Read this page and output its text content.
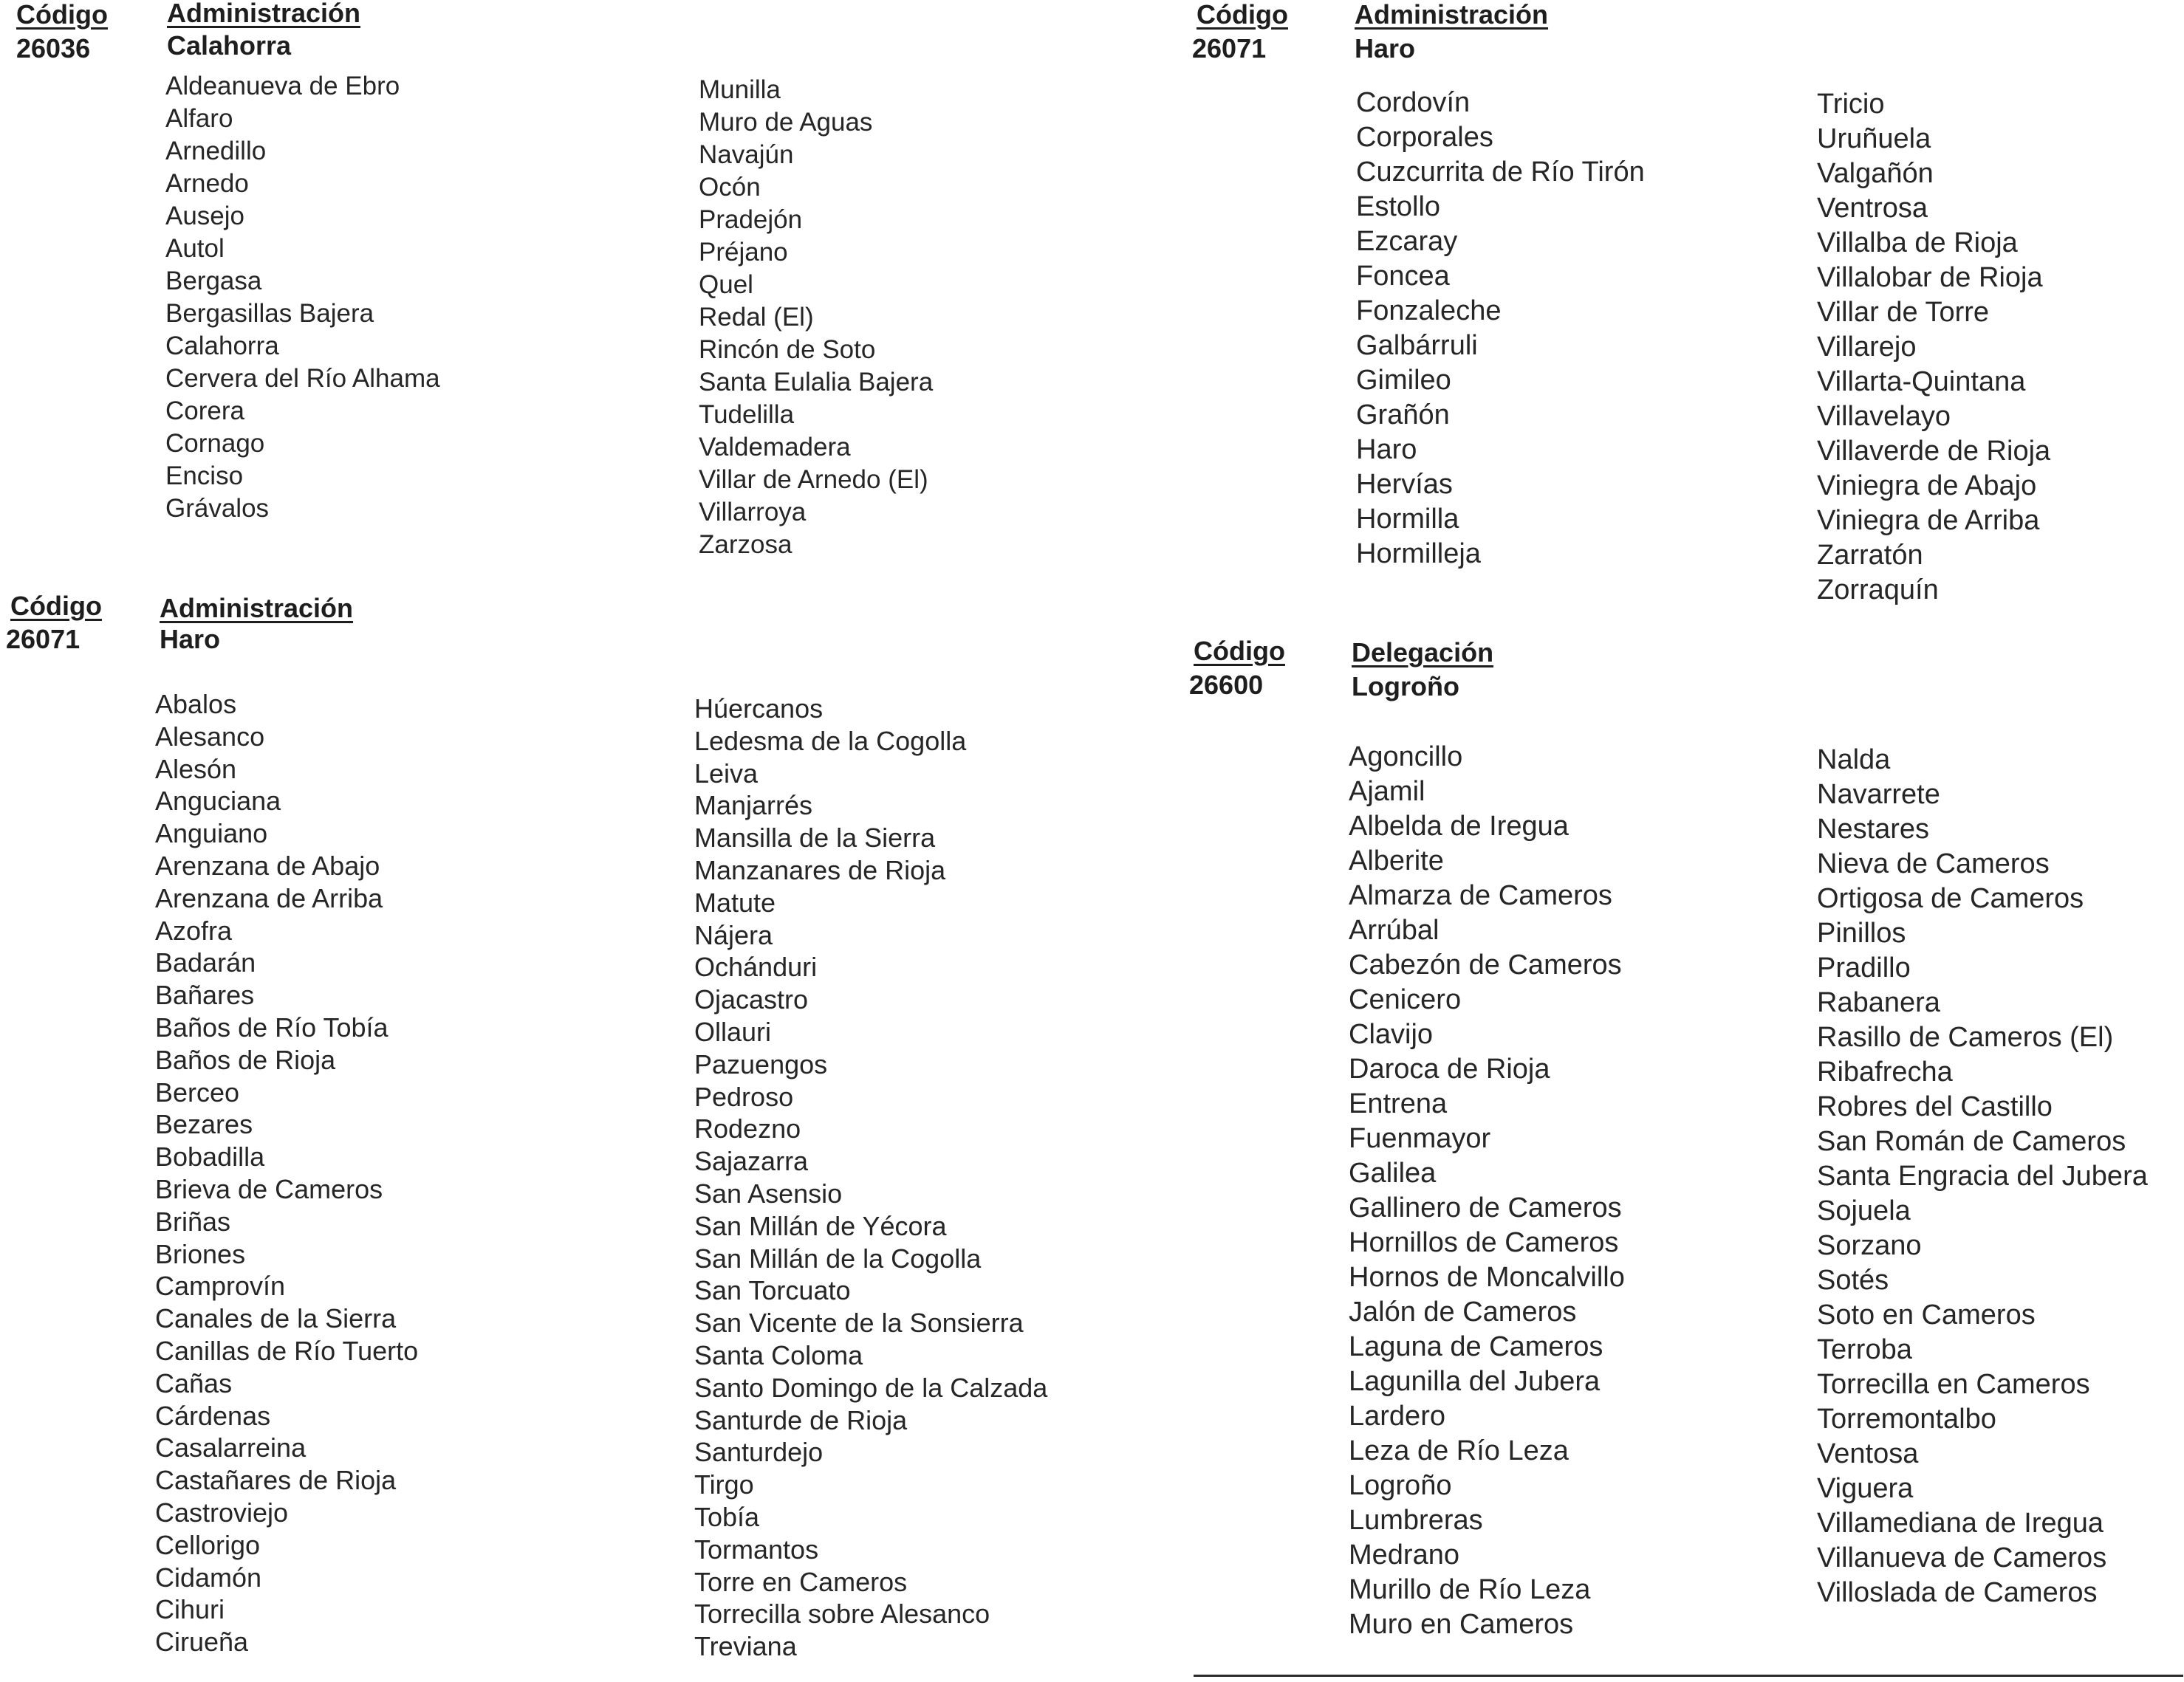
Código
26036
Administración
Calahorra
Aldeanueva de Ebro
Alfaro
Arnedillo
Arnedo
Ausejo
Autol
Bergasa
Bergasillas Bajera
Calahorra
Cervera del Río Alhama
Corera
Cornago
Enciso
Grávalos
Munilla
Muro de Aguas
Navajún
Ocón
Pradejón
Préjano
Quel
Redal (El)
Rincón de Soto
Santa Eulalia Bajera
Tudelilla
Valdemadera
Villar de Arnedo (El)
Villarroya
Zarzosa
Código
26071
Administración
Haro
Abalos
Alesanco
Alesón
Anguciana
Anguiano
Arenzana de Abajo
Arenzana de Arriba
Azofra
Badarán
Bañares
Baños de Río Tobía
Baños de Rioja
Berceo
Bezares
Bobadilla
Brieva de Cameros
Briñas
Briones
Camprovín
Canales de la Sierra
Canillas de Río Tuerto
Cañas
Cárdenas
Casalarreina
Castañares de Rioja
Castroviejo
Cellorigo
Cidamón
Cihuri
Cirueña
Húercanos
Ledesma de la Cogolla
Leiva
Manjarrés
Mansilla de la Sierra
Manzanares de Rioja
Matute
Nájera
Ochánduri
Ojacastro
Ollauri
Pazuengos
Pedroso
Rodezno
Sajazarra
San Asensio
San Millán de Yécora
San Millán de la Cogolla
San Torcuato
San Vicente de la Sonsierra
Santa Coloma
Santo Domingo de la Calzada
Santurde de Rioja
Santurdejo
Tirgo
Tobía
Tormantos
Torre en Cameros
Torrecilla sobre Alesanco
Treviana
Código
26071
Administración
Haro
Cordovín
Corporales
Cuzcurrita de Río Tirón
Estollo
Ezcaray
Foncea
Fonzaleche
Galbárruli
Gimileo
Grañón
Haro
Hervías
Hormilla
Hormilleja
Tricio
Uruñuela
Valgañón
Ventrosa
Villalba de Rioja
Villalobar de Rioja
Villar de Torre
Villarejo
Villarta-Quintana
Villavelayo
Villaverde de Rioja
Viniegra de Abajo
Viniegra de Arriba
Zarratón
Zorraquín
Código
26600
Delegación
Logroño
Agoncillo
Ajamil
Albelda de Iregua
Alberite
Almarza de Cameros
Arrúbal
Cabezón de Cameros
Cenicero
Clavijo
Daroca de Rioja
Entrena
Fuenmayor
Galilea
Gallinero de Cameros
Hornillos de Cameros
Hornos de Moncalvillo
Jalón de Cameros
Laguna de Cameros
Lagunilla del Jubera
Lardero
Leza de Río Leza
Logroño
Lumbreras
Medrano
Murillo de Río Leza
Muro en Cameros
Nalda
Navarrete
Nestares
Nieva de Cameros
Ortigosa de Cameros
Pinillos
Pradillo
Rabanera
Rasillo de Cameros (El)
Ribafrecha
Robres del Castillo
San Román de Cameros
Santa Engracia del Jubera
Sojuela
Sorzano
Sotés
Soto en Cameros
Terroba
Torrecilla en Cameros
Torremontalbo
Ventosa
Viguera
Villamediana de Iregua
Villanueva de Cameros
Villoslada de Cameros
